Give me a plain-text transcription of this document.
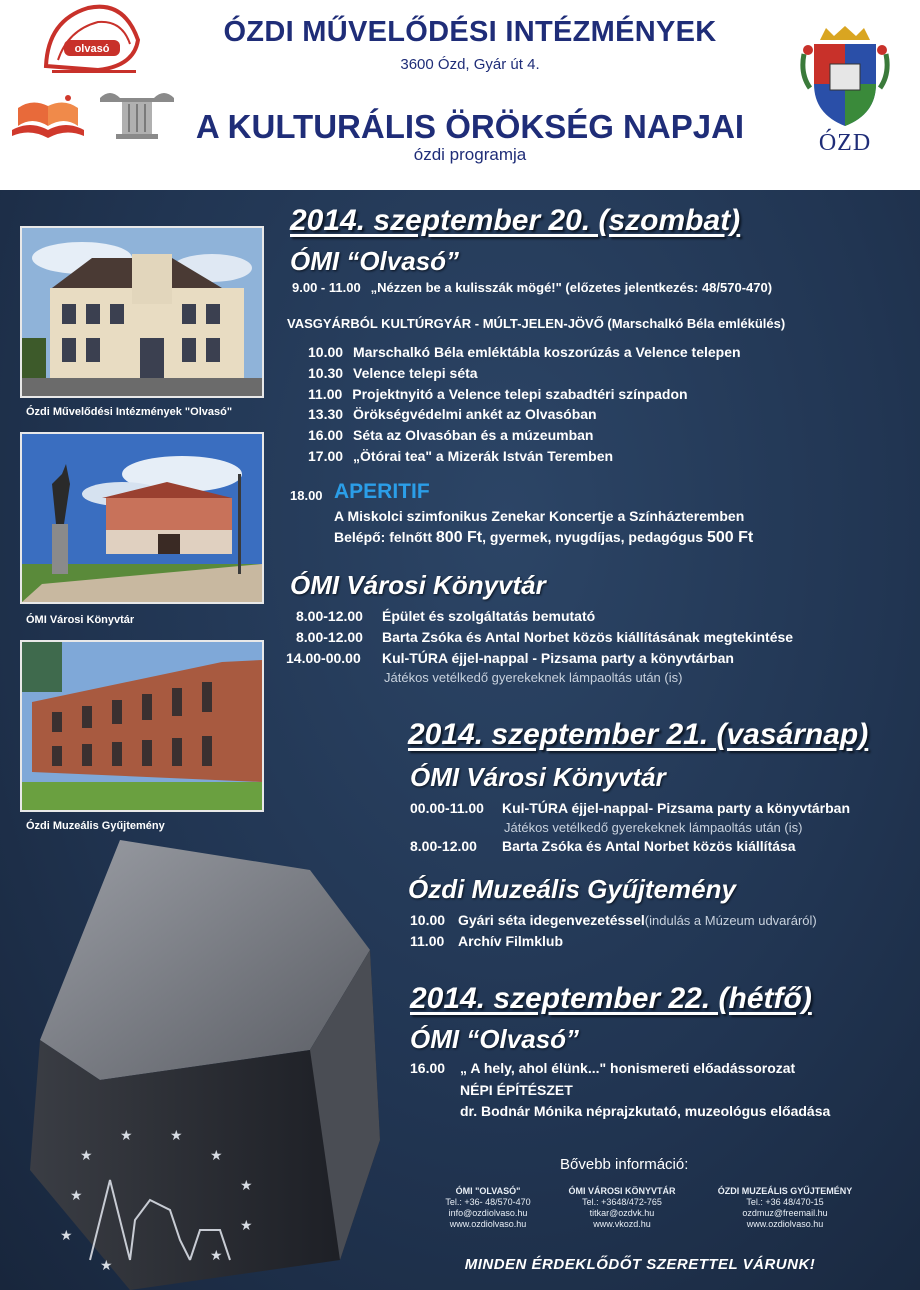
olvasó
ÓZDI MŰVELŐDÉSI INTÉZMÉNYEK
3600 Ózd, Gyár út 4.
A KULTURÁLIS ÖRÖKSÉG NAPJAI
ózdi programja	ÓZD
Ózdi Művelődési Intézmények "Olvasó"
ÓMI Városi Könyvtár
Ózdi Muzeális Gyűjtemény
★
★	★
★
★
★
★
★
★
★
2014. szeptember 20. (szombat)
ÓMI “Olvasó”
9.00 - 11.00 „Nézzen be a kulisszák mögé!" (előzetes jelentkezés: 48/570-470)
VASGYÁRBÓL KULTÚRGYÁR - MÚLT-JELEN-JÖVŐ (Marschalkó Béla emlékülés)
10.00 Marschalkó Béla emléktábla koszorúzás a Velence telepen
10.30 Velence telepi séta
11.00 Projektnyitó a Velence telepi szabadtéri színpadon
13.30 Örökségvédelmi ankét az Olvasóban
16.00 Séta az Olvasóban és a múzeumban
17.00 „Ötórai tea" a Mizerák István Teremben
18.00 APERITIF
A Miskolci szimfonikus Zenekar Koncertje a Színházteremben
Belépő: felnőtt 800 Ft, gyermek, nyugdíjas, pedagógus 500 Ft
ÓMI Városi Könyvtár
8.00-12.00 Épület és szolgáltatás bemutató
8.00-12.00 Barta Zsóka és Antal Norbet közös kiállításának megtekintése
14.00-00.00 Kul-TÚRA éjjel-nappal - Pizsama party a könyvtárban
Játékos vetélkedő gyerekeknek lámpaoltás után (is)
2014. szeptember 21. (vasárnap)
ÓMI Városi Könyvtár
00.00-11.00 Kul-TÚRA éjjel-nappal- Pizsama party a könyvtárban
Játékos vetélkedő gyerekeknek lámpaoltás után (is)
8.00-12.00 Barta Zsóka és Antal Norbet közös kiállítása
Ózdi Muzeális Gyűjtemény
10.00 Gyári séta idegenvezetéssel(indulás a Múzeum udvaráról)
11.00 Archív Filmklub
2014. szeptember 22. (hétfő)
ÓMI “Olvasó”
16.00 „ A hely, ahol élünk..." honismereti előadássorozat
NÉPI ÉPÍTÉSZET
dr. Bodnár Mónika néprajzkutató, muzeológus előadása
Bővebb információ:
ÓMI "OLVASÓ"
Tel.: +36- 48/570-470
info@ozdiolvaso.hu
www.ozdiolvaso.hu
ÓMI VÁROSI KÖNYVTÁR
Tel.: +3648/472-765
titkar@ozdvk.hu
www.vkozd.hu
ÓZDI MUZEÁLIS GYŰJTEMÉNY
Tel.: +36 48/470-15
ozdmuz@freemail.hu
www.ozdiolvaso.hu
MINDEN ÉRDEKLŐDŐT SZERETTEL VÁRUNK!
